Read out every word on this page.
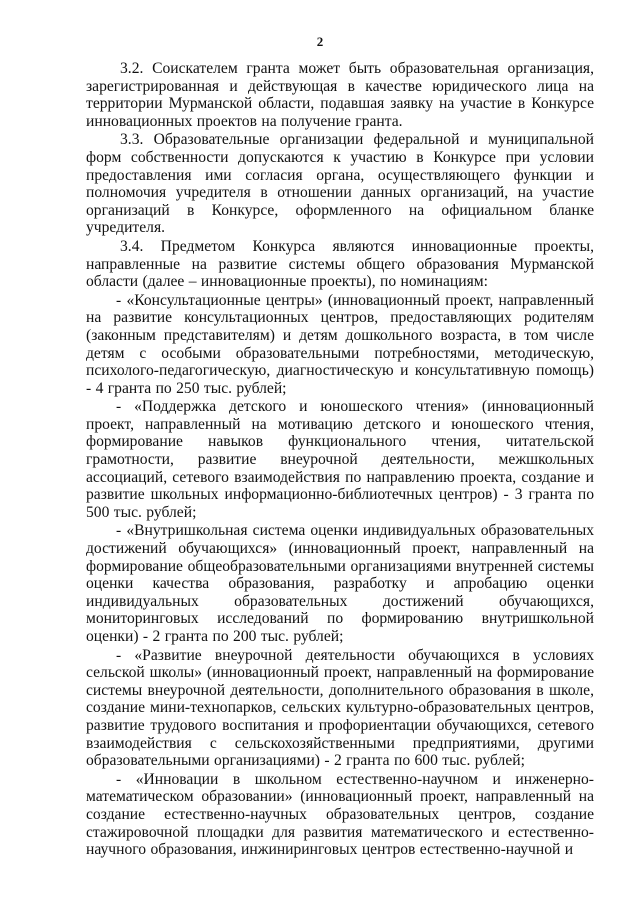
2

3.2. Соискателем гранта может быть образовательная организация, зарегистрированная и действующая в качестве юридического лица на территории Мурманской области, подавшая заявку на участие в Конкурсе инновационных проектов на получение гранта.

3.3. Образовательные организации федеральной и муниципальной форм собственности допускаются к участию в Конкурсе при условии предоставления ими согласия органа, осуществляющего функции и полномочия учредителя в отношении данных организаций, на участие организаций в Конкурсе, оформленного на официальном бланке учредителя.

3.4. Предметом Конкурса являются инновационные проекты, направленные на развитие системы общего образования Мурманской области (далее – инновационные проекты), по номинациям:

- «Консультационные центры» (инновационный проект, направленный на развитие консультационных центров, предоставляющих родителям (законным представителям) и детям дошкольного возраста, в том числе детям с особыми образовательными потребностями, методическую, психолого-педагогическую, диагностическую и консультативную помощь) - 4 гранта по 250 тыс. рублей;

- «Поддержка детского и юношеского чтения» (инновационный проект, направленный на мотивацию детского и юношеского чтения, формирование навыков функционального чтения, читательской грамотности, развитие внеурочной деятельности, межшкольных ассоциаций, сетевого взаимодействия по направлению проекта, создание и развитие школьных информационно-библиотечных центров) - 3 гранта по 500 тыс. рублей;

- «Внутришкольная система оценки индивидуальных образовательных достижений обучающихся» (инновационный проект, направленный на формирование общеобразовательными организациями внутренней системы оценки качества образования, разработку и апробацию оценки индивидуальных образовательных достижений обучающихся, мониторинговых исследований по формированию внутришкольной оценки) - 2 гранта по 200 тыс. рублей;

- «Развитие внеурочной деятельности обучающихся в условиях сельской школы» (инновационный проект, направленный на формирование системы внеурочной деятельности, дополнительного образования в школе, создание мини-технопарков, сельских культурно-образовательных центров, развитие трудового воспитания и профориентации обучающихся, сетевого взаимодействия с сельскохозяйственными предприятиями, другими образовательными организациями) - 2 гранта по 600 тыс. рублей;

- «Инновации в школьном естественно-научном и инженерно-математическом образовании» (инновационный проект, направленный на создание естественно-научных образовательных центров, создание стажировочной площадки для развития математического и естественно-научного образования, инжиниринговых центров естественно-научной и
